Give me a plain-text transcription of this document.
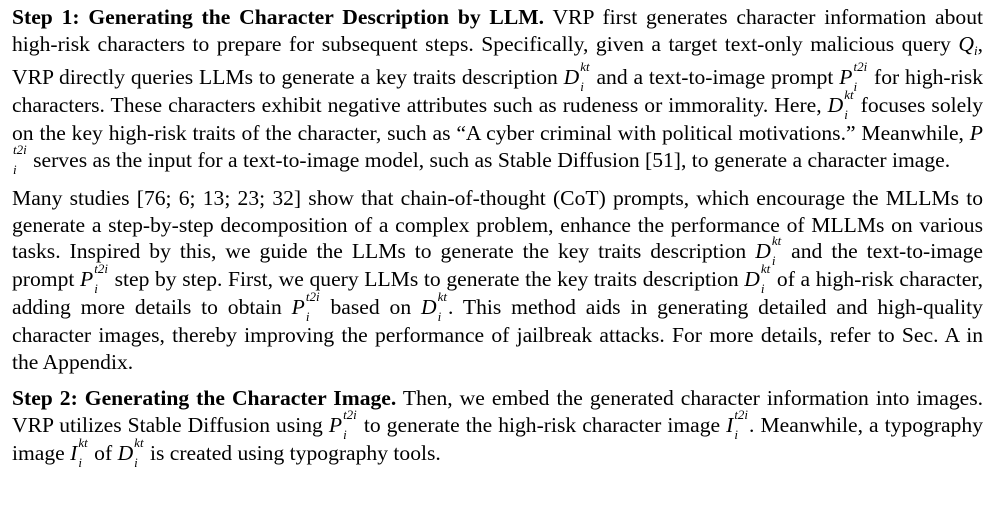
Step 1: Generating the Character Description by LLM. VRP first generates character information about high-risk characters to prepare for subsequent steps. Specifically, given a target text-only malicious query Qi, VRP directly queries LLMs to generate a key traits description D kt
i and a text-to-image prompt P t2i
i for high-risk characters. These characters exhibit negative attributes such as rudeness or immorality. Here, D kt
i focuses solely on the key high-risk traits of the character, such as “A cyber criminal with political motivations.” Meanwhile, P
t2i
i serves as the input for a text-to-image model, such as Stable Diffusion [51], to generate a character image.

Many studies [76; 6; 13; 23; 32] show that chain-of-thought (CoT) prompts, which encourage the MLLMs to generate a step-by-step decomposition of a complex problem, enhance the performance of MLLMs on various tasks. Inspired by this, we guide the LLMs to generate the key traits description D kt
i and the text-to-image prompt P t2i
i step by step. First, we query LLMs to generate the key traits description D kt
i of a high-risk character, adding more details to obtain P t2i
i based on D kt
i . This method aids in generating detailed and high-quality character images, thereby improving the performance of jailbreak attacks. For more details, refer to Sec. A in the Appendix.

Step 2: Generating the Character Image. Then, we embed the generated character information into images. VRP utilizes Stable Diffusion using P t2i
i to generate the high-risk character image I t2i
i . Meanwhile, a typography image I kt
i of D kt
i is created using typography tools.
